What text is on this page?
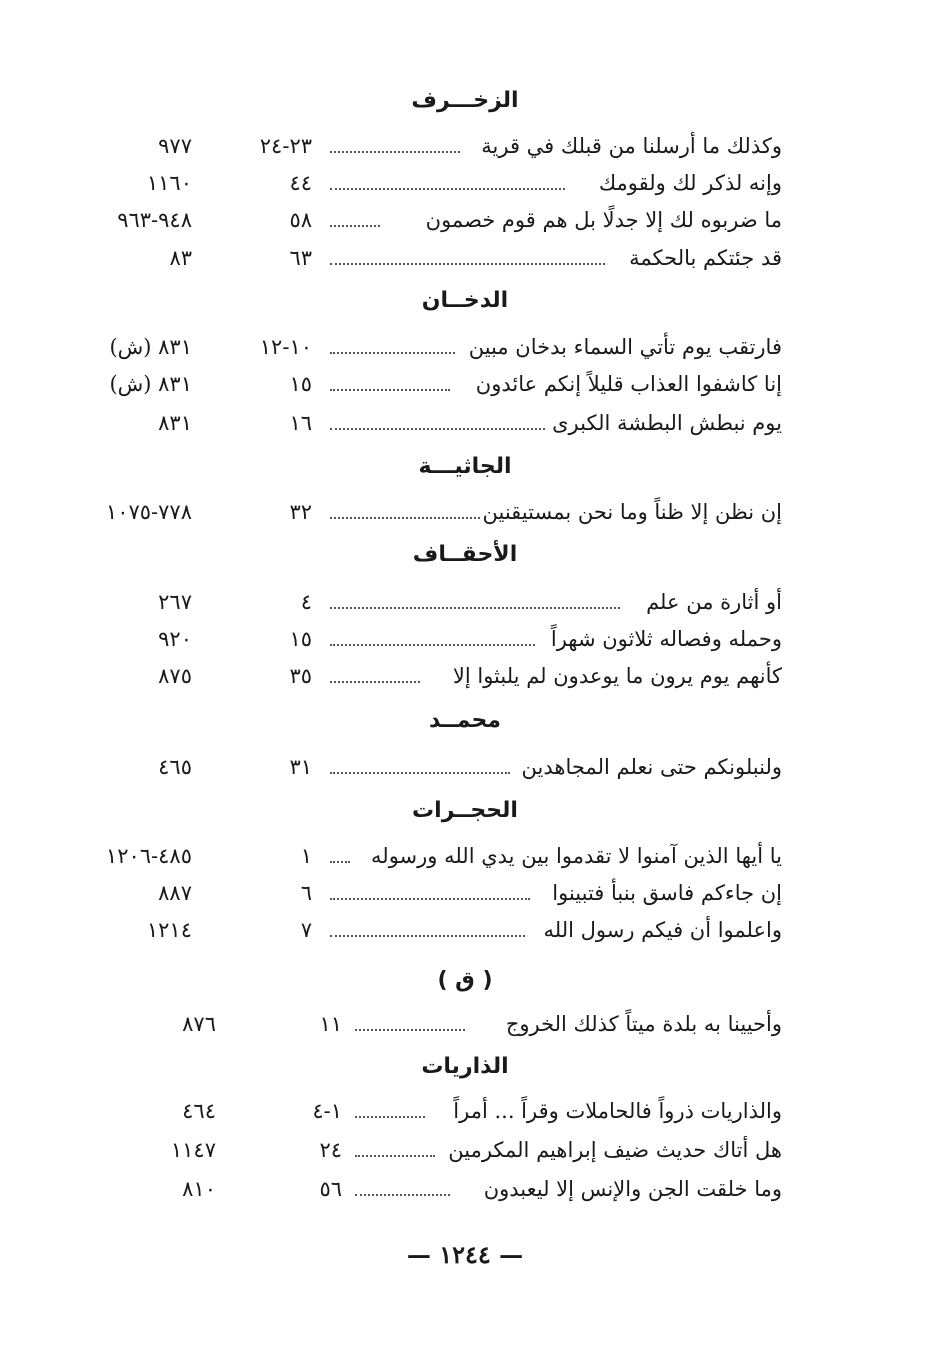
الزخـــرف
وكذلك ما أرسلنا من قبلك في قرية
٢٣-٢٤
٩٧٧
وإنه لذكر لك ولقومك
٤٤
١١٦٠
ما ضربوه لك إلا جدلًا بل هم قوم خصمون
٥٨
٩٤٨-٩٦٣
قد جئتكم بالحكمة
٦٣
٨٣
الدخــان
فارتقب يوم تأتي السماء بدخان مبين
١٠-١٢
٨٣١ (ش)
إنا كاشفوا العذاب قليلاً إنكم عائدون
١٥
٨٣١ (ش)
يوم نبطش البطشة الكبرى
١٦
٨٣١
الجاثيـــة
إن نظن إلا ظناً وما نحن بمستيقنين
٣٢
٧٧٨-١٠٧٥
الأحقــاف
أو أثارة من علم
٤
٢٦٧
وحمله وفصاله ثلاثون شهراً
١٥
٩٢٠
كأنهم يوم يرون ما يوعدون لم يلبثوا إلا
٣٥
٨٧٥
محمــد
ولنبلونكم حتى نعلم المجاهدين
٣١
٤٦٥
الحجــرات
يا أيها الذين آمنوا لا تقدموا بين يدي الله ورسوله
١
٤٨٥-١٢٠٦
إن جاءكم فاسق بنبأ فتبينوا
٦
٨٨٧
واعلموا أن فيكم رسول الله
٧
١٢١٤
( ق )
وأحيينا به بلدة ميتاً كذلك الخروج
١١
٨٧٦
الذاريات
والذاريات ذرواً فالحاملات وقراً ... أمراً
١-٤
٤٦٤
هل أتاك حديث ضيف إبراهيم المكرمين
٢٤
١١٤٧
وما خلقت الجن والإنس إلا ليعبدون
٥٦
٨١٠
— ١٢٤٤ —
